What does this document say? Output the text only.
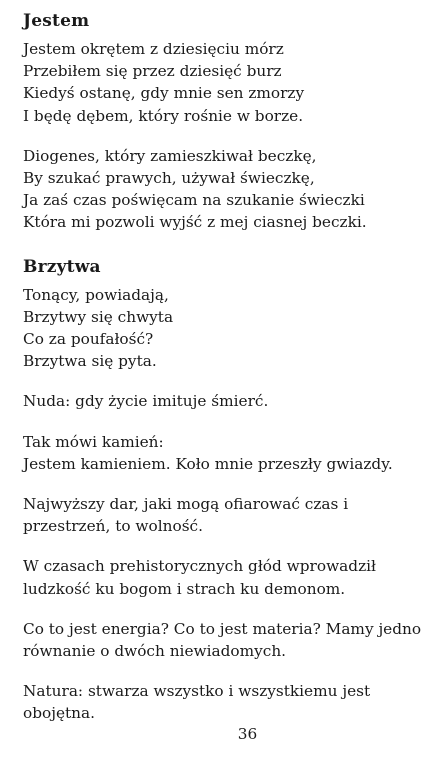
Jestem
Jestem okrętem z dziesięciu mórz
Przebiłem się przez dziesięć burz
Kiedyś ostanę, gdy mnie sen zmorzy
I będę dębem, który rośnie w borze.
Diogenes, który zamieszkiwał beczkę,
By szukać prawych, używał świeczkę,
Ja zaś czas poświęcam na szukanie świeczki
Która mi pozwoli wyjść z mej ciasnej beczki.
Brzytwa
Tonący, powiadają,
Brzytwy się chwyta
Co za poufałość?
Brzytwa się pyta.
Nuda: gdy życie imituje śmierć.
Tak mówi kamień:
Jestem kamieniem. Koło mnie przeszły gwiazdy.
Najwyższy dar, jaki mogą ofiarować czas i
przestrzeń, to wolność.
W czasach prehistorycznych głód wprowadził
ludzkość ku bogom i strach ku demonom.
Co to jest energia? Co to jest materia? Mamy jedno
równanie o dwóch niewiadomych.
Natura: stwarza wszystko i wszystkiemu jest
obojętna.
36
